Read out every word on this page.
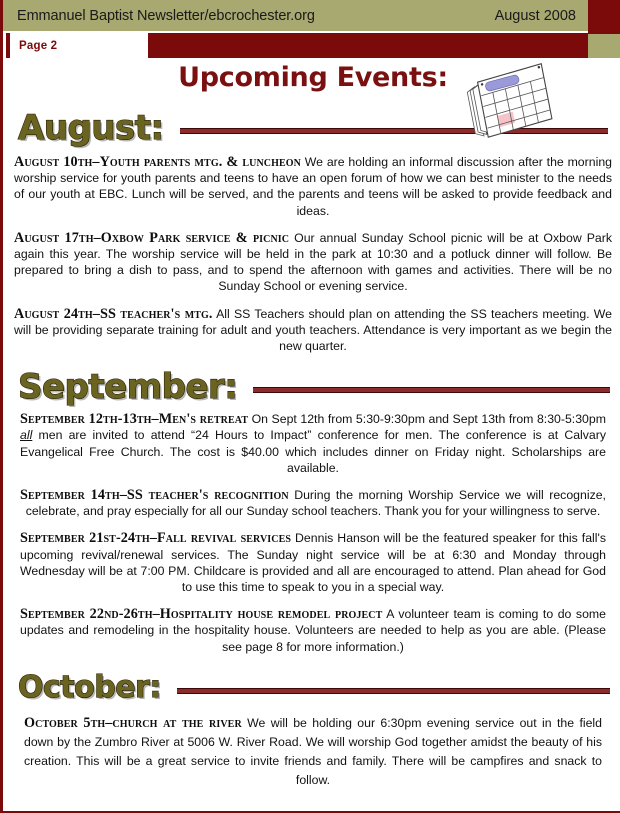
Emmanuel Baptist Newsletter/ebcrochester.org	August 2008
Page 2
Upcoming Events:
August:

August 10th–Youth parents mtg. & luncheon We are holding an informal discussion after the morning worship service for youth parents and teens to have an open forum of how we can best minister to the needs of our youth at EBC. Lunch will be served, and the parents and teens will be asked to provide feedback and ideas.

August 17th–Oxbow Park service & picnic Our annual Sunday School picnic will be at Oxbow Park again this year. The worship service will be held in the park at 10:30 and a potluck dinner will follow. Be prepared to bring a dish to pass, and to spend the afternoon with games and activities. There will be no Sunday School or evening service.

August 24th–SS teacher's mtg. All SS Teachers should plan on attending the SS teachers meeting. We will be providing separate training for adult and youth teachers. Attendance is very important as we begin the new quarter.

September:

September 12th-13th–Men's retreat On Sept 12th from 5:30-9:30pm and Sept 13th from 8:30-5:30pm all men are invited to attend “24 Hours to Impact” conference for men. The conference is at Calvary Evangelical Free Church. The cost is $40.00 which includes dinner on Friday night. Scholarships are available.

September 14th–SS teacher's recognition During the morning Worship Service we will recognize, celebrate, and pray especially for all our Sunday school teachers. Thank you for your willingness to serve.

September 21st-24th–Fall revival services Dennis Hanson will be the featured speaker for this fall's upcoming revival/renewal services. The Sunday night service will be at 6:30 and Monday through Wednesday will be at 7:00 PM. Childcare is provided and all are encouraged to attend. Plan ahead for God to use this time to speak to you in a special way.

September 22nd-26th–Hospitality house remodel project A volunteer team is coming to do some updates and remodeling in the hospitality house. Volunteers are needed to help as you are able. (Please see page 8 for more information.)

October:

October 5th–church at the river We will be holding our 6:30pm evening service out in the field down by the Zumbro River at 5006 W. River Road. We will worship God together amidst the beauty of his creation. This will be a great service to invite friends and family. There will be campfires and snack to follow.
